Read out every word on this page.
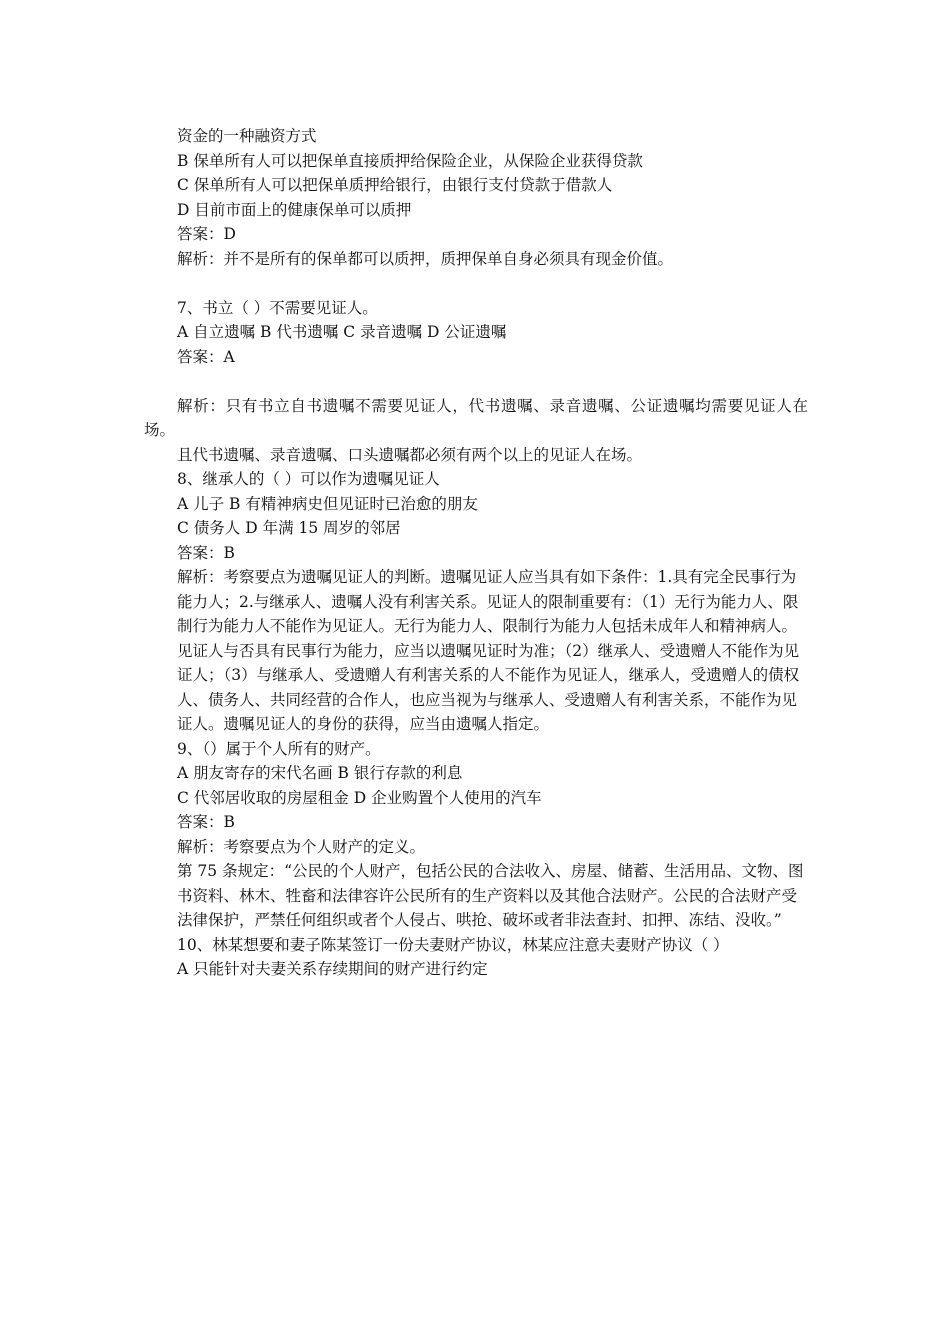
资金的一种融资方式

B 保单所有人可以把保单直接质押给保险企业，从保险企业获得贷款

C 保单所有人可以把保单质押给银行，由银行支付贷款于借款人

D 目前市面上的健康保单可以质押

答案：D

解析：并不是所有的保单都可以质押，质押保单自身必须具有现金价值。

7、书立（ ）不需要见证人。

A 自立遗嘱 B 代书遗嘱 C 录音遗嘱 D 公证遗嘱

答案：A

解析：只有书立自书遗嘱不需要见证人，代书遗嘱、录音遗嘱、公证遗嘱均需要见证人在场。

且代书遗嘱、录音遗嘱、口头遗嘱都必须有两个以上的见证人在场。

8、继承人的（ ）可以作为遗嘱见证人

A 儿子 B 有精神病史但见证时已治愈的朋友

C 债务人 D 年满 15 周岁的邻居

答案：B

解析：考察要点为遗嘱见证人的判断。遗嘱见证人应当具有如下条件：1.具有完全民事行为

能力人；2.与继承人、遗嘱人没有利害关系。见证人的限制重要有：（1）无行为能力人、限

制行为能力人不能作为见证人。无行为能力人、限制行为能力人包括未成年人和精神病人。

见证人与否具有民事行为能力，应当以遗嘱见证时为准；（2）继承人、受遗赠人不能作为见

证人；（3）与继承人、受遗赠人有利害关系的人不能作为见证人，继承人，受遗赠人的债权

人、债务人、共同经营的合作人，也应当视为与继承人、受遗赠人有利害关系，不能作为见

证人。遗嘱见证人的身份的获得，应当由遗嘱人指定。

9、（）属于个人所有的财产。

A 朋友寄存的宋代名画 B 银行存款的利息

C 代邻居收取的房屋租金 D 企业购置个人使用的汽车

答案：B

解析：考察要点为个人财产的定义。

第 75 条规定：“公民的个人财产，包括公民的合法收入、房屋、储蓄、生活用品、文物、图

书资料、林木、牲畜和法律容许公民所有的生产资料以及其他合法财产。公民的合法财产受

法律保护，严禁任何组织或者个人侵占、哄抢、破坏或者非法查封、扣押、冻结、没收。”

10、林某想要和妻子陈某签订一份夫妻财产协议，林某应注意夫妻财产协议（ ）

A 只能针对夫妻关系存续期间的财产进行约定
